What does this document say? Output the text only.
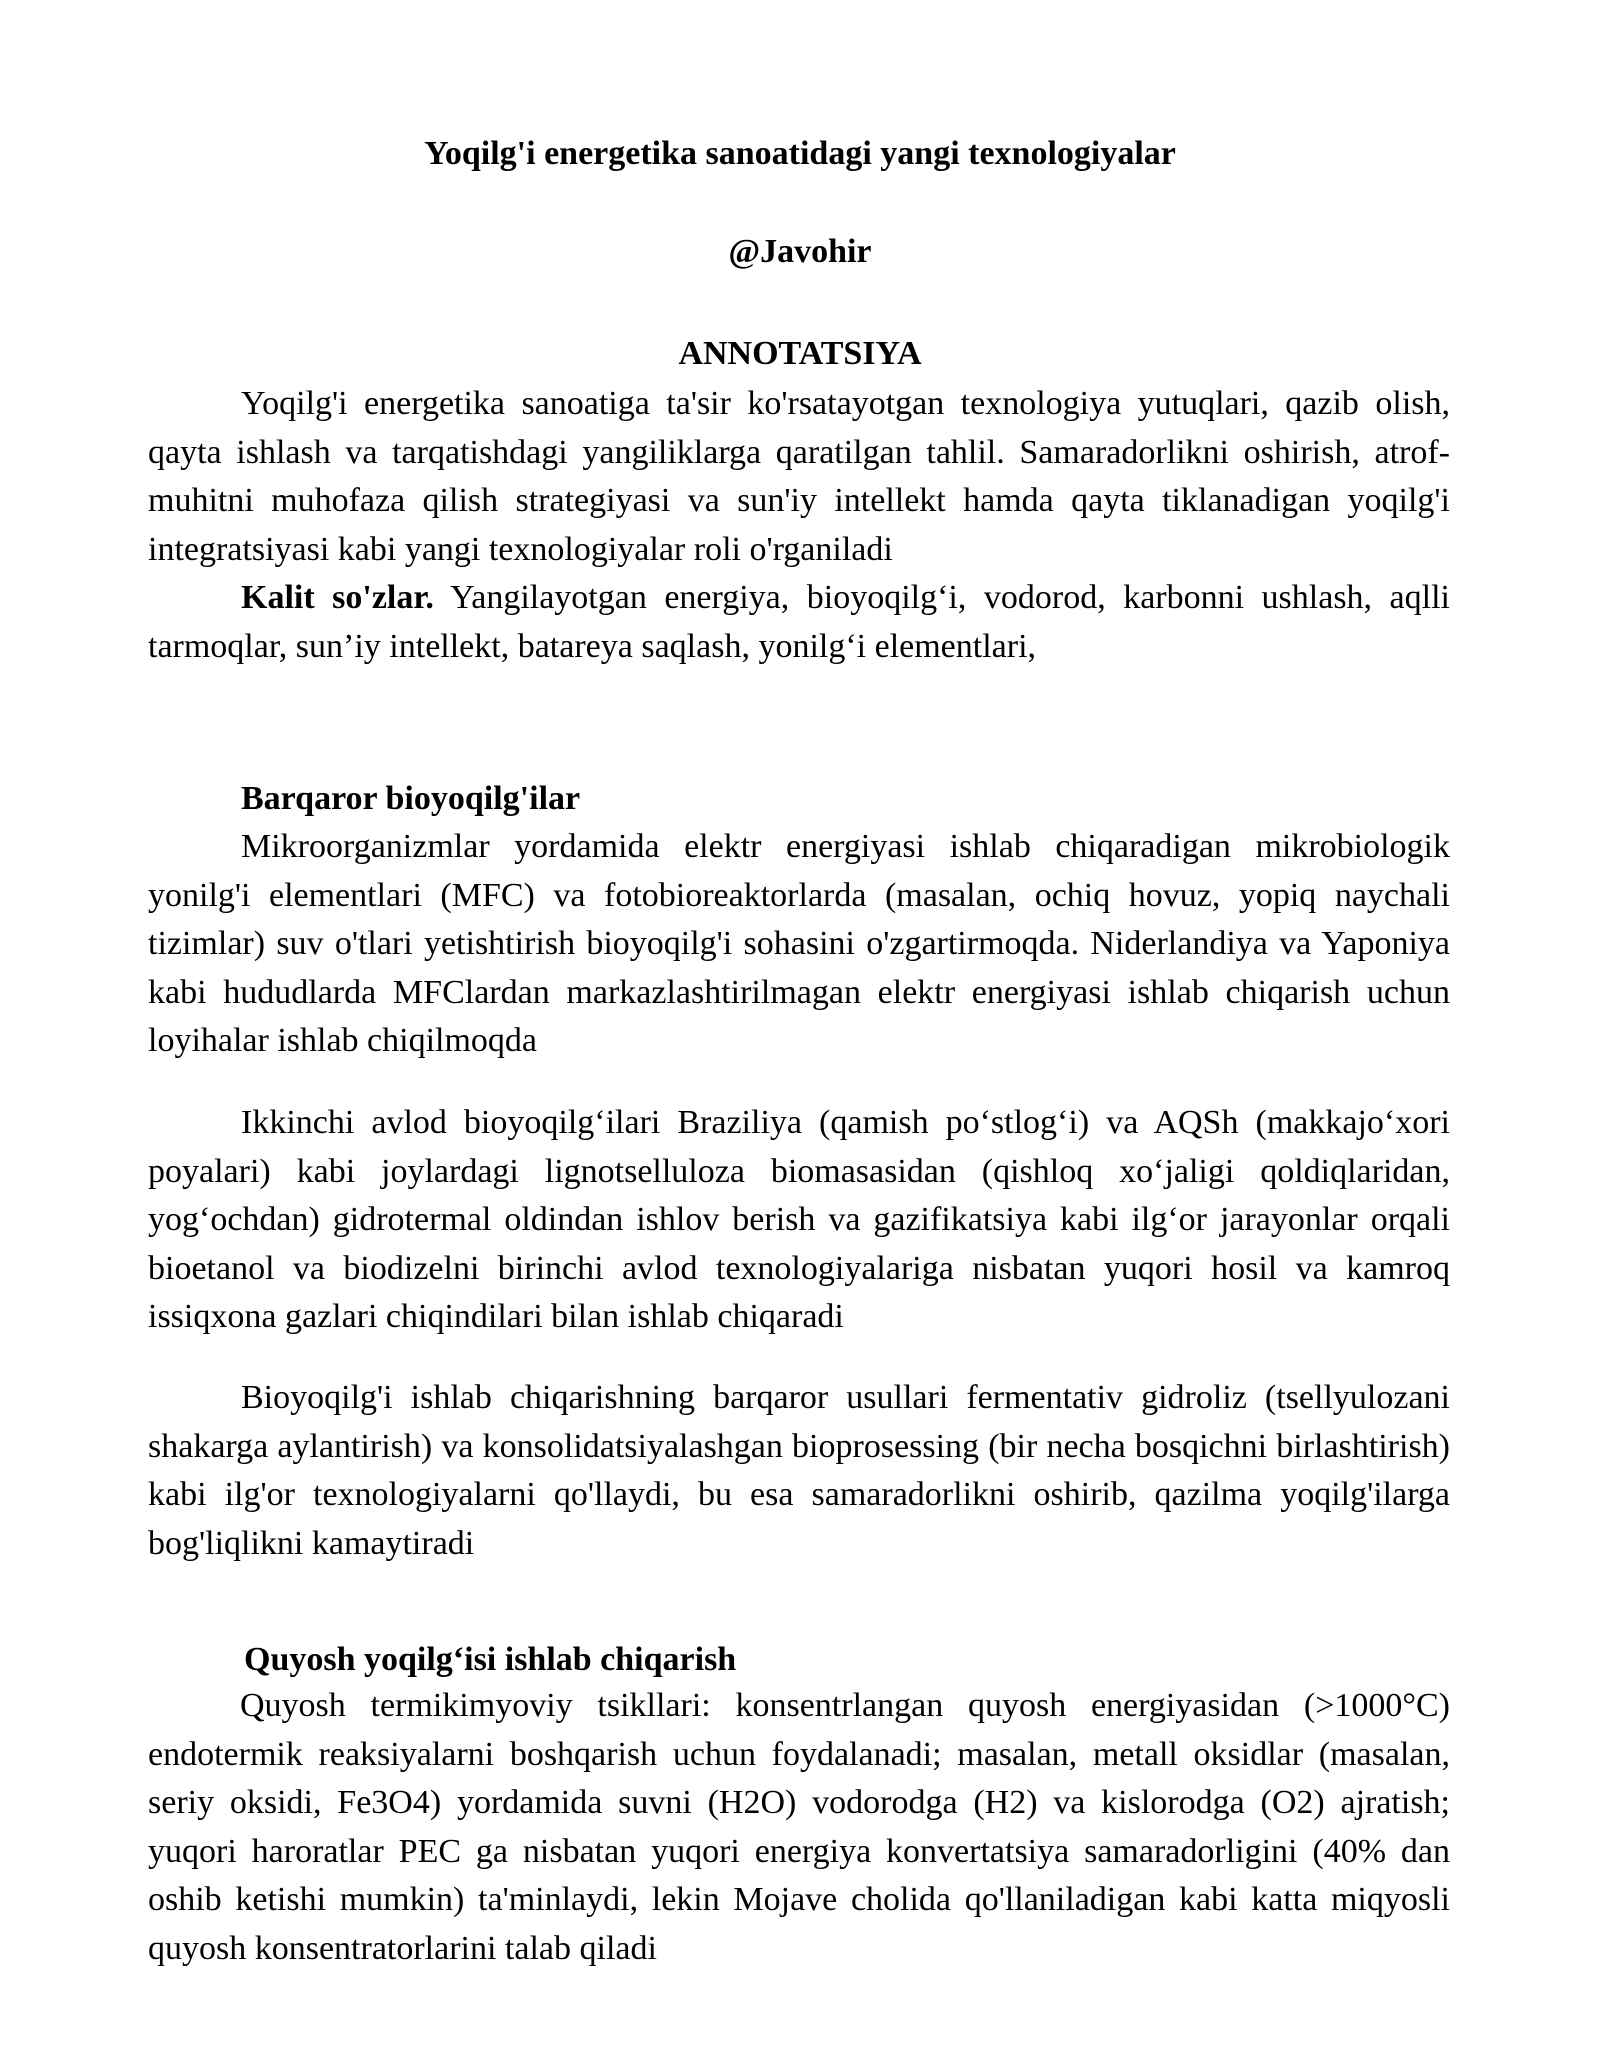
Yoqilg'i energetika sanoatidagi yangi texnologiyalar
@Javohir
ANNOTATSIYA
Yoqilg'i energetika sanoatiga ta'sir ko'rsatayotgan texnologiya yutuqlari, qazib olish, qayta ishlash va tarqatishdagi yangiliklarga qaratilgan tahlil. Samaradorlikni oshirish, atrof-muhitni muhofaza qilish strategiyasi va sun'iy intellekt hamda qayta tiklanadigan yoqilg'i integratsiyasi kabi yangi texnologiyalar roli o'rganiladi
Kalit so'zlar. Yangilayotgan energiya, bioyoqilg‘i, vodorod, karbonni ushlash, aqlli tarmoqlar, sun’iy intellekt, batareya saqlash, yonilg‘i elementlari,
Barqaror bioyoqilg'ilar
Mikroorganizmlar yordamida elektr energiyasi ishlab chiqaradigan mikrobiologik yonilg'i elementlari (MFC) va fotobioreaktorlarda (masalan, ochiq hovuz, yopiq naychali tizimlar) suv o'tlari yetishtirish bioyoqilg'i sohasini o'zgartirmoqda. Niderlandiya va Yaponiya kabi hududlarda MFClardan markazlashtirilmagan elektr energiyasi ishlab chiqarish uchun loyihalar ishlab chiqilmoqda
Ikkinchi avlod bioyoqilg‘ilari Braziliya (qamish po‘stlog‘i) va AQSh (makkajo‘xori poyalari) kabi joylardagi lignotselluloza biomasasidan (qishloq xo‘jaligi qoldiqlaridan, yog‘ochdan) gidrotermal oldindan ishlov berish va gazifikatsiya kabi ilg‘or jarayonlar orqali bioetanol va biodizelni birinchi avlod texnologiyalariga nisbatan yuqori hosil va kamroq issiqxona gazlari chiqindilari bilan ishlab chiqaradi
Bioyoqilg'i ishlab chiqarishning barqaror usullari fermentativ gidroliz (tsellyulozani shakarga aylantirish) va konsolidatsiyalashgan bioprosessing (bir necha bosqichni birlashtirish) kabi ilg'or texnologiyalarni qo'llaydi, bu esa samaradorlikni oshirib, qazilma yoqilg'ilarga bog'liqlikni kamaytiradi
Quyosh yoqilg‘isi ishlab chiqarish
Quyosh termikimyoviy tsikllari: konsentrlangan quyosh energiyasidan (>1000°C) endotermik reaksiyalarni boshqarish uchun foydalanadi; masalan, metall oksidlar (masalan, seriy oksidi, Fe3O4) yordamida suvni (H2O) vodorodga (H2) va kislorodga (O2) ajratish; yuqori haroratlar PEC ga nisbatan yuqori energiya konvertatsiya samaradorligini (40% dan oshib ketishi mumkin) ta'minlaydi, lekin Mojave cholida qo'llaniladigan kabi katta miqyosli quyosh konsentratorlarini talab qiladi
